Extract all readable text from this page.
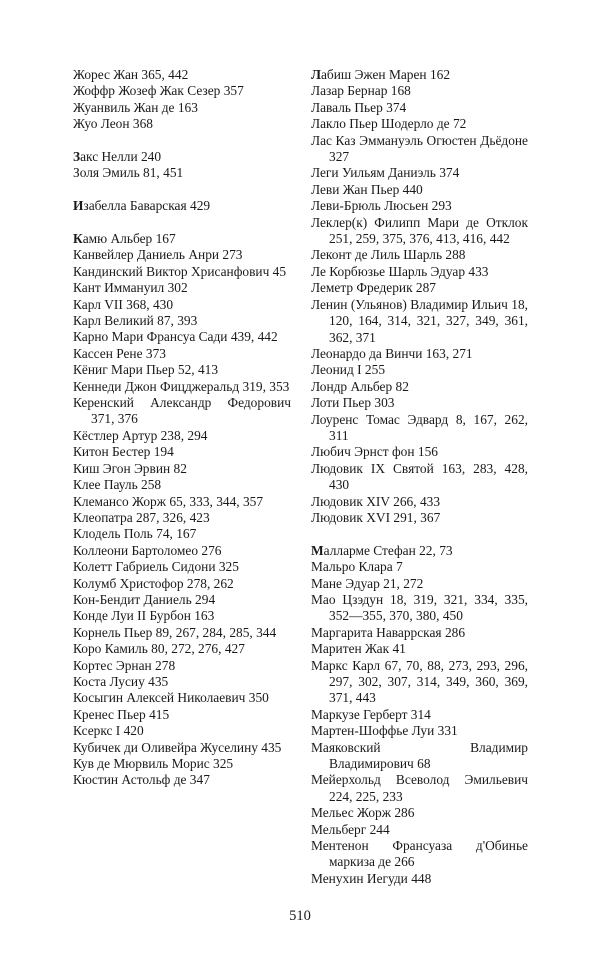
Жорес Жан 365, 442
Жоффр Жозеф Жак Сезер 357
Жуанвиль Жан де 163
Жуо Леон 368
Закс Нелли 240
Золя Эмиль 81, 451
Изабелла Баварская 429
Камю Альбер 167
Канвейлер Даниель Анри 273
Кандинский Виктор Хрисанфович 45
Кант Иммануил 302
Карл VII 368, 430
Карл Великий 87, 393
Карно Мари Франсуа Сади 439, 442
Кассен Рене 373
Кёниг Мари Пьер 52, 413
Кеннеди Джон Фицджеральд 319, 353
Керенский Александр Федорович 371, 376
Кёстлер Артур 238, 294
Китон Бестер 194
Киш Эгон Эрвин 82
Клее Пауль 258
Клемансо Жорж 65, 333, 344, 357
Клеопатра 287, 326, 423
Клодель Поль 74, 167
Коллеони Бартоломео 276
Колетт Габриель Сидони 325
Колумб Христофор 278, 262
Кон-Бендит Даниель 294
Конде Луи II Бурбон 163
Корнель Пьер 89, 267, 284, 285, 344
Коро Камиль 80, 272, 276, 427
Кортес Эрнан 278
Коста Лусиу 435
Косыгин Алексей Николаевич 350
Кренес Пьер 415
Ксеркс I 420
Кубичек ди Оливейра Жуселину 435
Кув де Мюрвиль Морис 325
Кюстин Астольф де 347
Лабиш Эжен Марен 162
Лазар Бернар 168
Лаваль Пьер 374
Лакло Пьер Шодерло де 72
Лас Каз Эммануэль Огюстен Дьёдоне 327
Леги Уильям Даниэль 374
Леви Жан Пьер 440
Леви-Брюль Люсьен 293
Леклер(к) Филипп Мари де Отклок 251, 259, 375, 376, 413, 416, 442
Леконт де Лиль Шарль 288
Ле Корбюзье Шарль Эдуар 433
Леметр Фредерик 287
Ленин (Ульянов) Владимир Ильич 18, 120, 164, 314, 321, 327, 349, 361, 362, 371
Леонардо да Винчи 163, 271
Леонид I 255
Лондр Альбер 82
Лоти Пьер 303
Лоуренс Томас Эдвард 8, 167, 262, 311
Любич Эрнст фон 156
Людовик IX Святой 163, 283, 428, 430
Людовик XIV 266, 433
Людовик XVI 291, 367
Малларме Стефан 22, 73
Мальро Клара 7
Мане Эдуар 21, 272
Мао Цзэдун 18, 319, 321, 334, 335, 352—355, 370, 380, 450
Маргарита Наваррская 286
Маритен Жак 41
Маркс Карл 67, 70, 88, 273, 293, 296, 297, 302, 307, 314, 349, 360, 369, 371, 443
Маркузе Герберт 314
Мартен-Шоффье Луи 331
Маяковский Владимир Владимирович 68
Мейерхольд Всеволод Эмильевич 224, 225, 233
Мельес Жорж 286
Мельберг 244
Ментенон Франсуаза д'Обинье маркиза де 266
Менухин Иегуди 448
510
